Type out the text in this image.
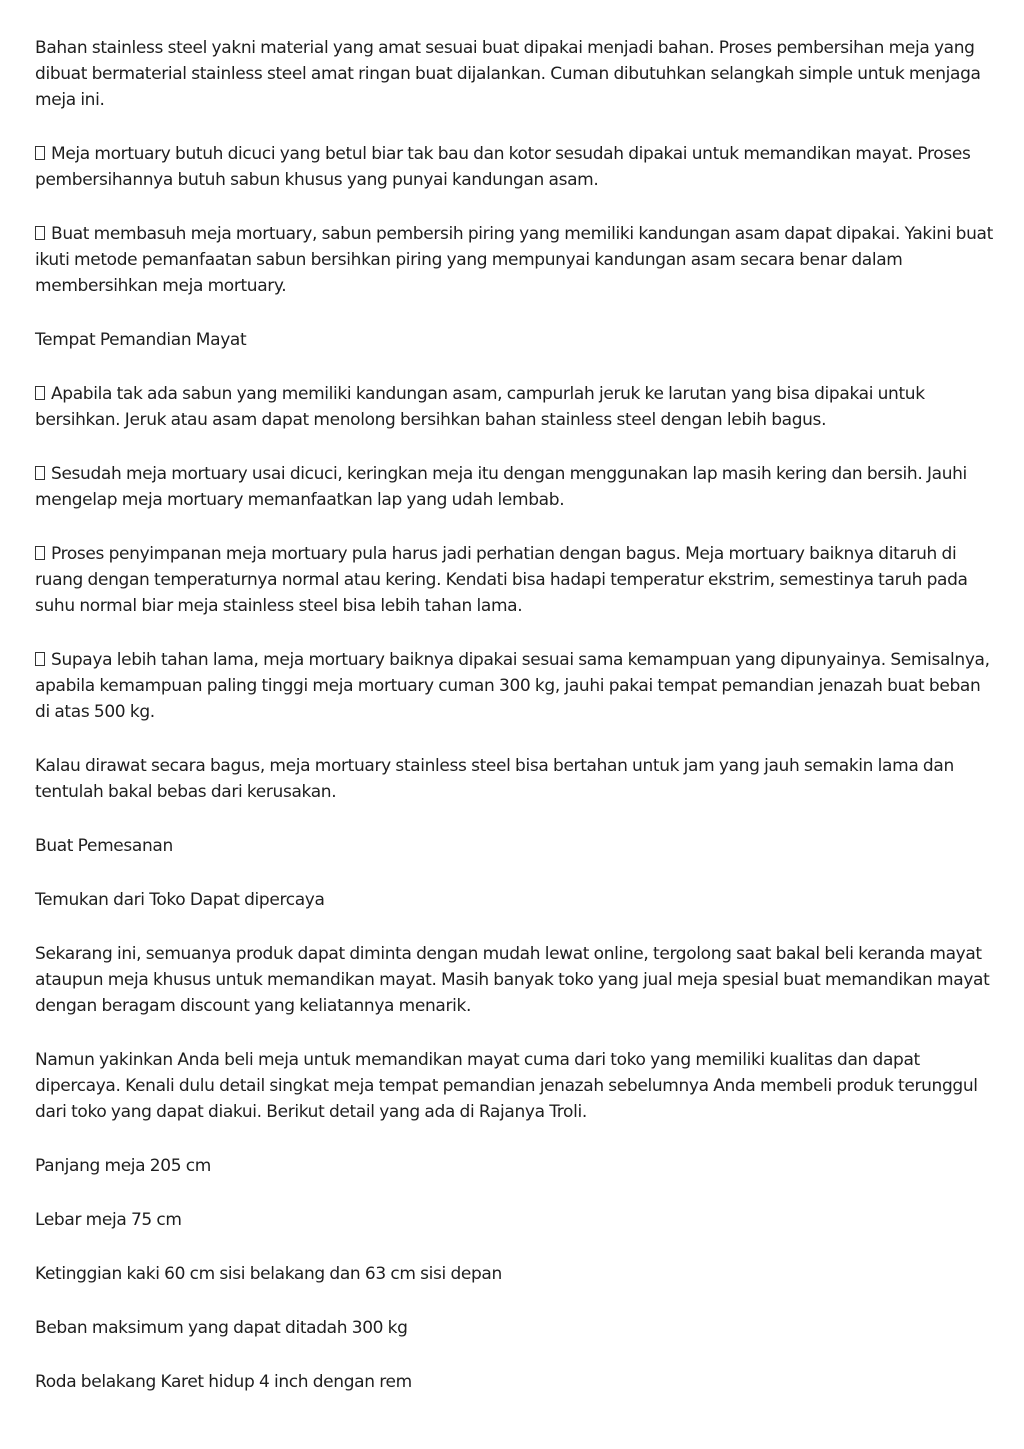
Bahan stainless steel yakni material yang amat sesuai buat dipakai menjadi bahan. Proses pembersihan meja yang dibuat bermaterial stainless steel amat ringan buat dijalankan. Cuman dibutuhkan selangkah simple untuk menjaga meja ini.

Meja mortuary butuh dicuci yang betul biar tak bau dan kotor sesudah dipakai untuk memandikan mayat. Proses pembersihannya butuh sabun khusus yang punyai kandungan asam.

Buat membasuh meja mortuary, sabun pembersih piring yang memiliki kandungan asam dapat dipakai. Yakini buat ikuti metode pemanfaatan sabun bersihkan piring yang mempunyai kandungan asam secara benar dalam membersihkan meja mortuary.

Tempat Pemandian Mayat

Apabila tak ada sabun yang memiliki kandungan asam, campurlah jeruk ke larutan yang bisa dipakai untuk bersihkan. Jeruk atau asam dapat menolong bersihkan bahan stainless steel dengan lebih bagus.

Sesudah meja mortuary usai dicuci, keringkan meja itu dengan menggunakan lap masih kering dan bersih. Jauhi mengelap meja mortuary memanfaatkan lap yang udah lembab.

Proses penyimpanan meja mortuary pula harus jadi perhatian dengan bagus. Meja mortuary baiknya ditaruh di ruang dengan temperaturnya normal atau kering. Kendati bisa hadapi temperatur ekstrim, semestinya taruh pada suhu normal biar meja stainless steel bisa lebih tahan lama.

Supaya lebih tahan lama, meja mortuary baiknya dipakai sesuai sama kemampuan yang dipunyainya. Semisalnya, apabila kemampuan paling tinggi meja mortuary cuman 300 kg, jauhi pakai tempat pemandian jenazah buat beban di atas 500 kg.

Kalau dirawat secara bagus, meja mortuary stainless steel bisa bertahan untuk jam yang jauh semakin lama dan tentulah bakal bebas dari kerusakan.

Buat Pemesanan

Temukan dari Toko Dapat dipercaya

Sekarang ini, semuanya produk dapat diminta dengan mudah lewat online, tergolong saat bakal beli keranda mayat ataupun meja khusus untuk memandikan mayat. Masih banyak toko yang jual meja spesial buat memandikan mayat dengan beragam discount yang keliatannya menarik.

Namun yakinkan Anda beli meja untuk memandikan mayat cuma dari toko yang memiliki kualitas dan dapat dipercaya. Kenali dulu detail singkat meja tempat pemandian jenazah sebelumnya Anda membeli produk terunggul dari toko yang dapat diakui. Berikut detail yang ada di Rajanya Troli.

Panjang meja 205 cm

Lebar meja 75 cm

Ketinggian kaki 60 cm sisi belakang dan 63 cm sisi depan

Beban maksimum yang dapat ditadah 300 kg

Roda belakang Karet hidup 4 inch dengan rem
